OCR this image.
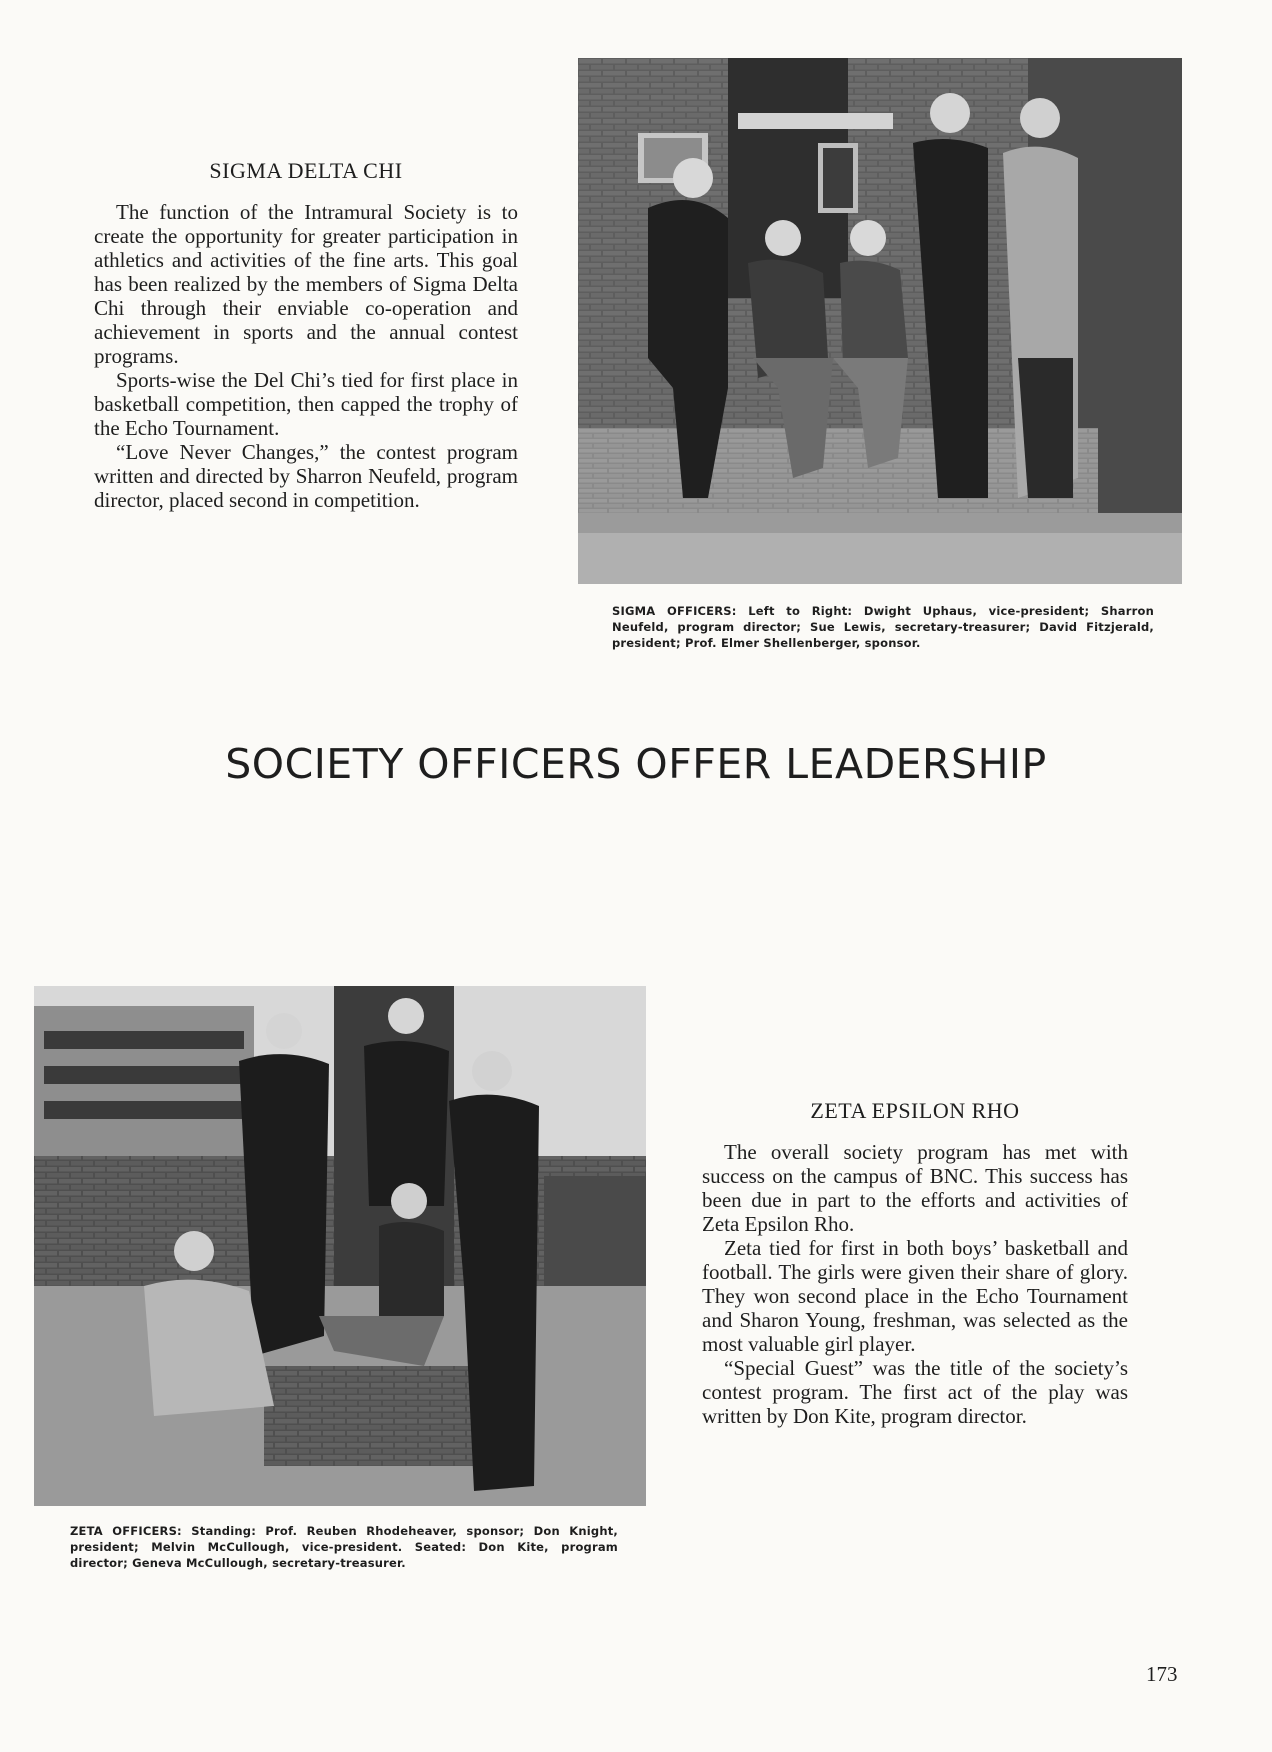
SIGMA DELTA CHI

The function of the Intramural Society is to create the opportunity for greater participation in athletics and activities of the fine arts. This goal has been realized by the members of Sigma Delta Chi through their enviable co-operation and achievement in sports and the annual contest programs.

Sports-wise the Del Chi’s tied for first place in basketball competition, then capped the trophy of the Echo Tournament.

“Love Never Changes,” the contest program written and directed by Sharron Neufeld, program director, placed second in competition.

SIGMA OFFICERS: Left to Right: Dwight Uphaus, vice-president; Sharron Neufeld, program director; Sue Lewis, secretary-treasurer; David Fitzjerald, president; Prof. Elmer Shellenberger, sponsor.
SOCIETY OFFICERS OFFER LEADERSHIP
ZETA OFFICERS: Standing: Prof. Reuben Rhodeheaver, sponsor; Don Knight, president; Melvin McCullough, vice-president. Seated: Don Kite, program director; Geneva McCullough, secretary-treasurer.
ZETA EPSILON RHO

The overall society program has met with success on the campus of BNC. This success has been due in part to the efforts and activities of Zeta Epsilon Rho.

Zeta tied for first in both boys’ basketball and football. The girls were given their share of glory. They won second place in the Echo Tournament and Sharon Young, freshman, was selected as the most valuable girl player.

“Special Guest” was the title of the society’s contest program. The first act of the play was written by Don Kite, program director.

173
